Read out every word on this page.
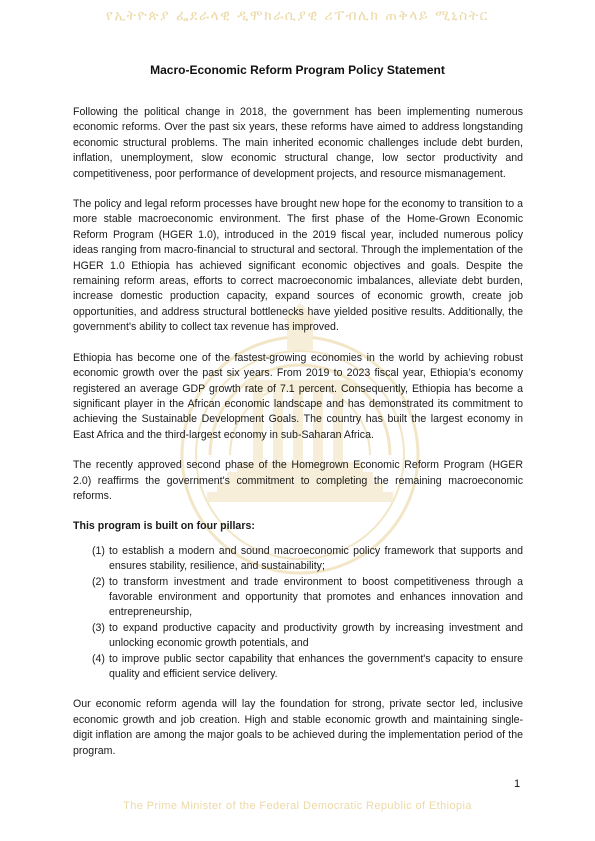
የኢትዮጵያ ፌደራላዊ ዲሞክራሲያዊ ሪፐብሊክ ጠቅላይ ሚኒስትር
Macro-Economic Reform Program Policy Statement

Following the political change in 2018, the government has been implementing numerous economic reforms. Over the past six years, these reforms have aimed to address longstanding economic structural problems. The main inherited economic challenges include debt burden, inflation, unemployment, slow economic structural change, low sector productivity and competitiveness, poor performance of development projects, and resource mismanagement.

The policy and legal reform processes have brought new hope for the economy to transition to a more stable macroeconomic environment. The first phase of the Home-Grown Economic Reform Program (HGER 1.0), introduced in the 2019 fiscal year, included numerous policy ideas ranging from macro-financial to structural and sectoral. Through the implementation of the HGER 1.0 Ethiopia has achieved significant economic objectives and goals. Despite the remaining reform areas, efforts to correct macroeconomic imbalances, alleviate debt burden, increase domestic production capacity, expand sources of economic growth, create job opportunities, and address structural bottlenecks have yielded positive results. Additionally, the government's ability to collect tax revenue has improved.

Ethiopia has become one of the fastest-growing economies in the world by achieving robust economic growth over the past six years. From 2019 to 2023 fiscal year, Ethiopia’s economy registered an average GDP growth rate of 7.1 percent. Consequently, Ethiopia has become a significant player in the African economic landscape and has demonstrated its commitment to achieving the Sustainable Development Goals. The country has built the largest economy in East Africa and the third-largest economy in sub-Saharan Africa.

The recently approved second phase of the Homegrown Economic Reform Program (HGER 2.0) reaffirms the government's commitment to completing the remaining macroeconomic reforms.

This program is built on four pillars:

(1) to establish a modern and sound macroeconomic policy framework that supports and ensures stability, resilience, and sustainability;
(2) to transform investment and trade environment to boost competitiveness through a favorable environment and opportunity that promotes and enhances innovation and entrepreneurship,
(3) to expand productive capacity and productivity growth by increasing investment and unlocking economic growth potentials, and
(4) to improve public sector capability that enhances the government's capacity to ensure quality and efficient service delivery.

Our economic reform agenda will lay the foundation for strong, private sector led, inclusive economic growth and job creation. High and stable economic growth and maintaining single-digit inflation are among the major goals to be achieved during the implementation period of the program.

1
The Prime Minister of the Federal Democratic Republic of Ethiopia
